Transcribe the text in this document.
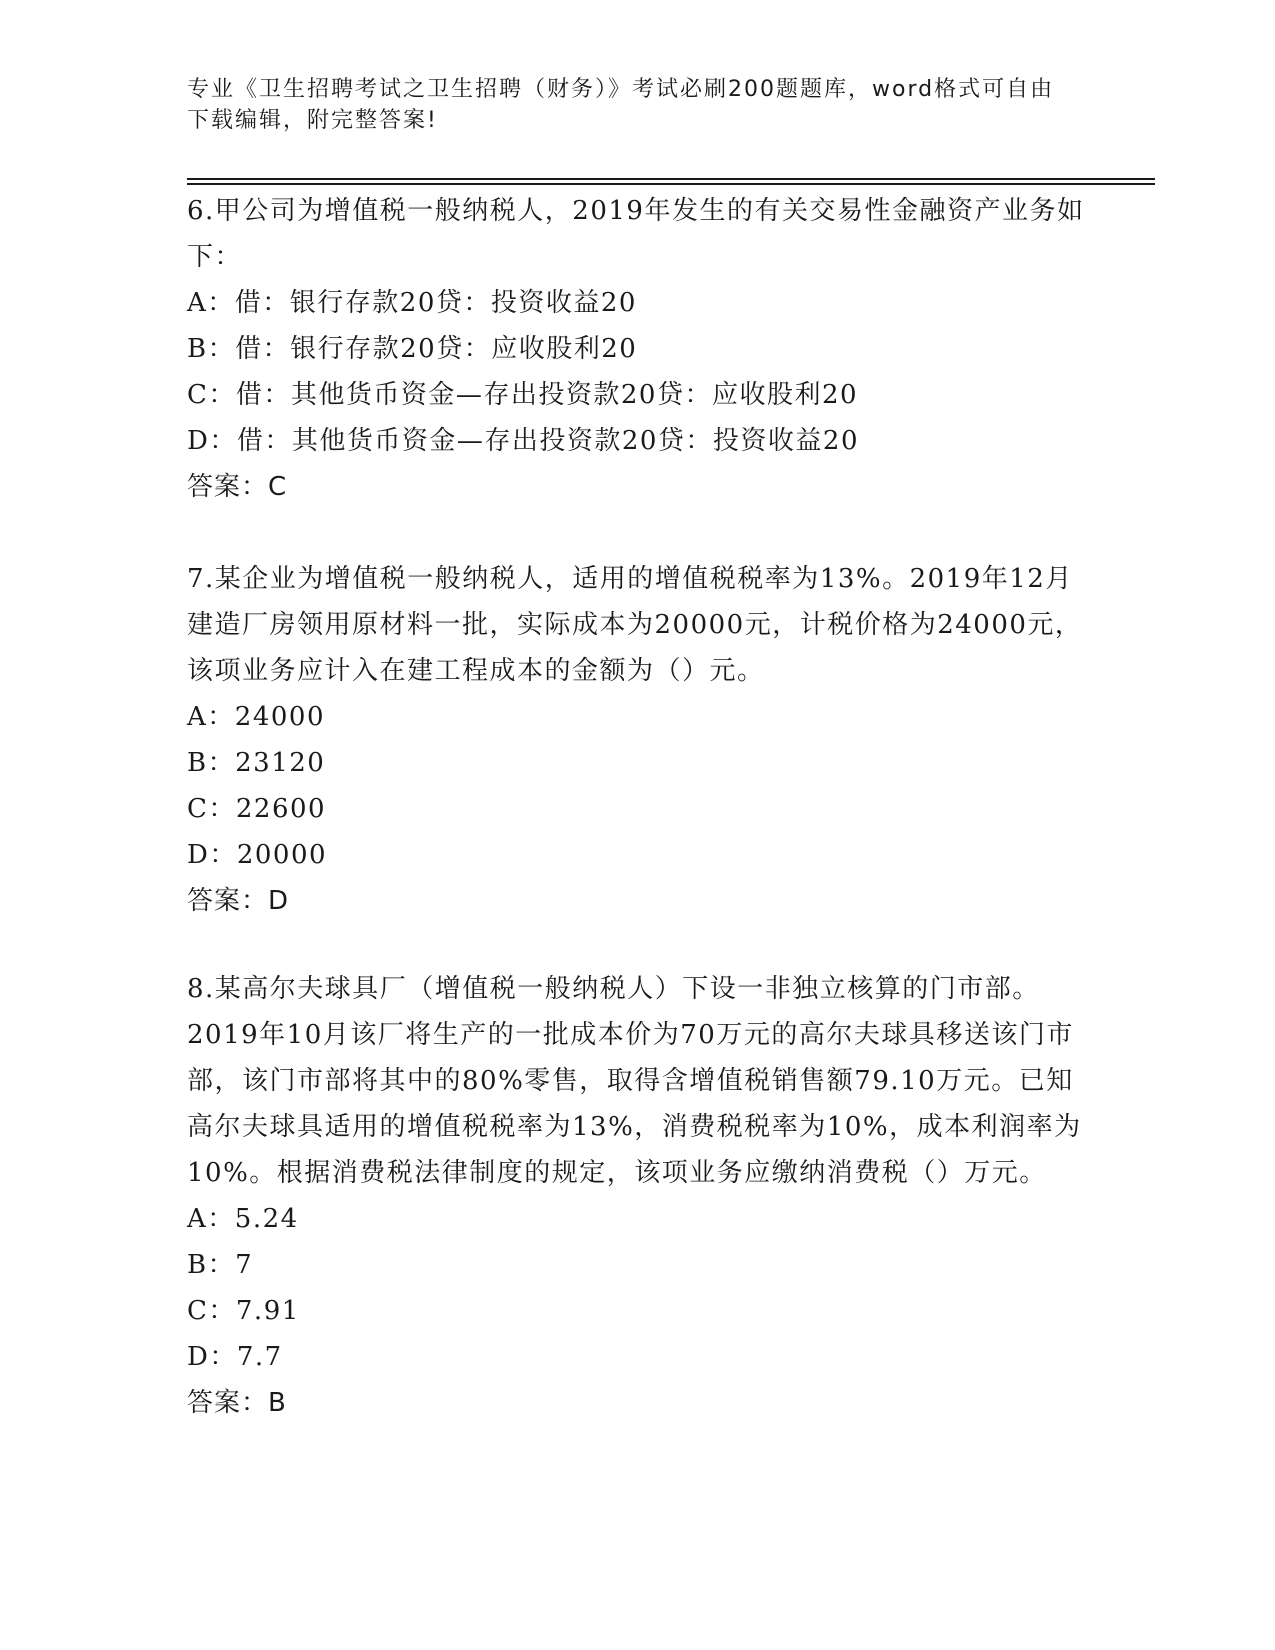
专业《卫生招聘考试之卫生招聘（财务）》考试必刷200题题库，word格式可自由下载编辑，附完整答案!

6.甲公司为增值税一般纳税人，2019年发生的有关交易性金融资产业务如下：

A：借：银行存款20贷：投资收益20

B：借：银行存款20贷：应收股利20

C：借：其他货币资金—存出投资款20贷：应收股利20

D：借：其他货币资金—存出投资款20贷：投资收益20

答案：C

7.某企业为增值税一般纳税人，适用的增值税税率为13%。2019年12月建造厂房领用原材料一批，实际成本为20000元，计税价格为24000元，该项业务应计入在建工程成本的金额为（）元。

A：24000

B：23120

C：22600

D：20000

答案：D

8.某高尔夫球具厂（增值税一般纳税人）下设一非独立核算的门市部。2019年10月该厂将生产的一批成本价为70万元的高尔夫球具移送该门市部，该门市部将其中的80%零售，取得含增值税销售额79.10万元。已知高尔夫球具适用的增值税税率为13%，消费税税率为10%，成本利润率为10%。根据消费税法律制度的规定，该项业务应缴纳消费税（）万元。

A：5.24

B：7

C：7.91

D：7.7

答案：B
